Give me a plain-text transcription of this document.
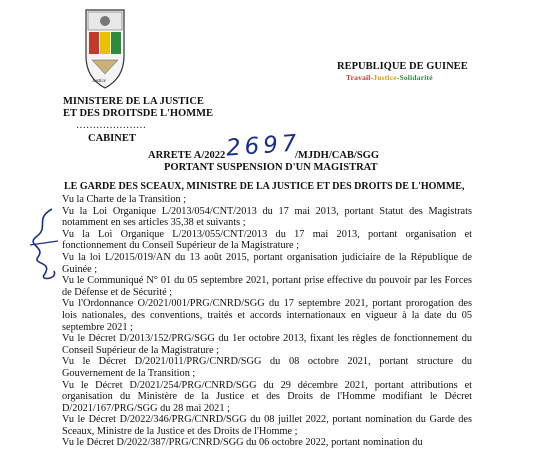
Justice
MINISTERE DE LA JUSTICE
ET DES DROITSDE L'HOMME
…………………
CABINET
REPUBLIQUE DE GUINEE
Travail-Justice-Solidarité
ARRETE A/2022 2697
/MJDH/CAB/SGG
PORTANT SUSPENSION D'UN MAGISTRAT
LE GARDE DES SCEAUX, MINISTRE DE LA JUSTICE ET DES DROITS DE L'HOMME,

Vu la Charte de la Transition ;

Vu la Loi Organique L/2013/054/CNT/2013 du 17 mai 2013, portant Statut des Magistrats notamment en ses articles 35,38 et suivants ;

Vu la Loi Organique L/2013/055/CNT/2013 du 17 mai 2013, portant organisation et fonctionnement du Conseil Supérieur de la Magistrature ;

Vu la loi L/2015/019/AN du 13 août 2015, portant organisation judiciaire de la République de Guinée ;

Vu le Communiqué N° 01 du 05 septembre 2021, portant prise effective du pouvoir par les Forces de Défense et de Sécurité ;

Vu l'Ordonnance O/2021/001/PRG/CNRD/SGG du 17 septembre 2021, portant prorogation des lois nationales, des conventions, traités et accords internationaux en vigueur à la date du 05 septembre 2021 ;

Vu le Décret D/2013/152/PRG/SGG du 1er octobre 2013, fixant les règles de fonctionnement du Conseil Supérieur de la Magistrature ;

Vu le Décret D/2021/011/PRG/CNRD/SGG du 08 octobre 2021, portant structure du Gouvernement de la Transition ;

Vu le Décret D/2021/254/PRG/CNRD/SGG du 29 décembre 2021, portant attributions et organisation du Ministère de la Justice et des Droits de l'Homme modifiant le Décret D/2021/167/PRG/SGG du 28 mai 2021 ;

Vu le Décret D/2022/346/PRG/CNRD/SGG du 08 juillet 2022, portant nomination du Garde des Sceaux, Ministre de la Justice et des Droits de l'Homme ;

Vu le Décret D/2022/387/PRG/CNRD/SGG du 06 octobre 2022, portant nomination du
